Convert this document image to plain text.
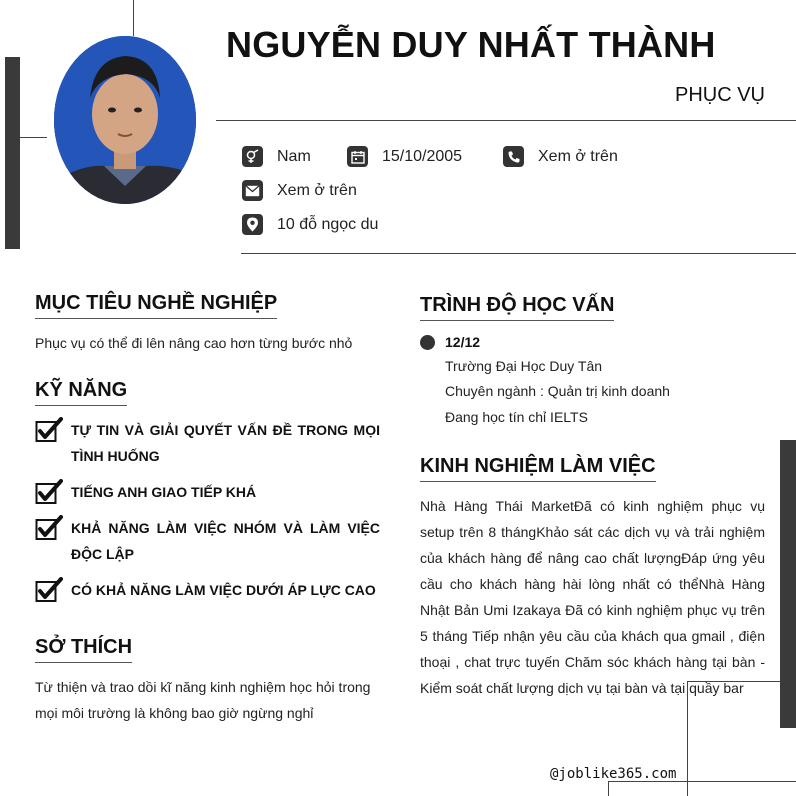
NGUYỄN DUY NHẤT THÀNH
PHỤC VỤ
Nam	15/10/2005	Xem ở trên
Xem ở trên
10 đỗ ngọc du
MỤC TIÊU NGHỀ NGHIỆP
Phục vụ có thể đi lên nâng cao hơn từng bước nhỏ
KỸ NĂNG
TỰ TIN VÀ GIẢI QUYẾT VẤN ĐỀ TRONG MỌI TÌNH HUỐNG
TIẾNG ANH GIAO TIẾP KHÁ
KHẢ NĂNG LÀM VIỆC NHÓM VÀ LÀM VIỆC ĐỘC LẬP
CÓ KHẢ NĂNG LÀM VIỆC DƯỚI ÁP LỰC CAO
SỞ THÍCH
Từ thiện và trao dồi kĩ năng kinh nghiệm học hỏi trong mọi môi trường là không bao giờ ngừng nghỉ
TRÌNH ĐỘ HỌC VẤN
12/12
Trường Đại Học Duy Tân
Chuyên ngành : Quản trị kinh doanh
Đang học tín chỉ IELTS
KINH NGHIỆM LÀM VIỆC
Nhà Hàng Thái MarketĐã có kinh nghiệm phục vụ setup trên 8 thángKhảo sát các dịch vụ và trải nghiệm của khách hàng để nâng cao chất lượngĐáp ứng yêu cầu cho khách hàng hài lòng nhất có thểNhà Hàng Nhật Bản Umi Izakaya Đã có kinh nghiệm phục vụ trên 5 tháng Tiếp nhận yêu cầu của khách qua gmail , điện thoại , chat trực tuyến Chăm sóc khách hàng tại bàn - Kiểm soát chất lượng dịch vụ tại bàn và tại quầy bar
@joblike365.com
